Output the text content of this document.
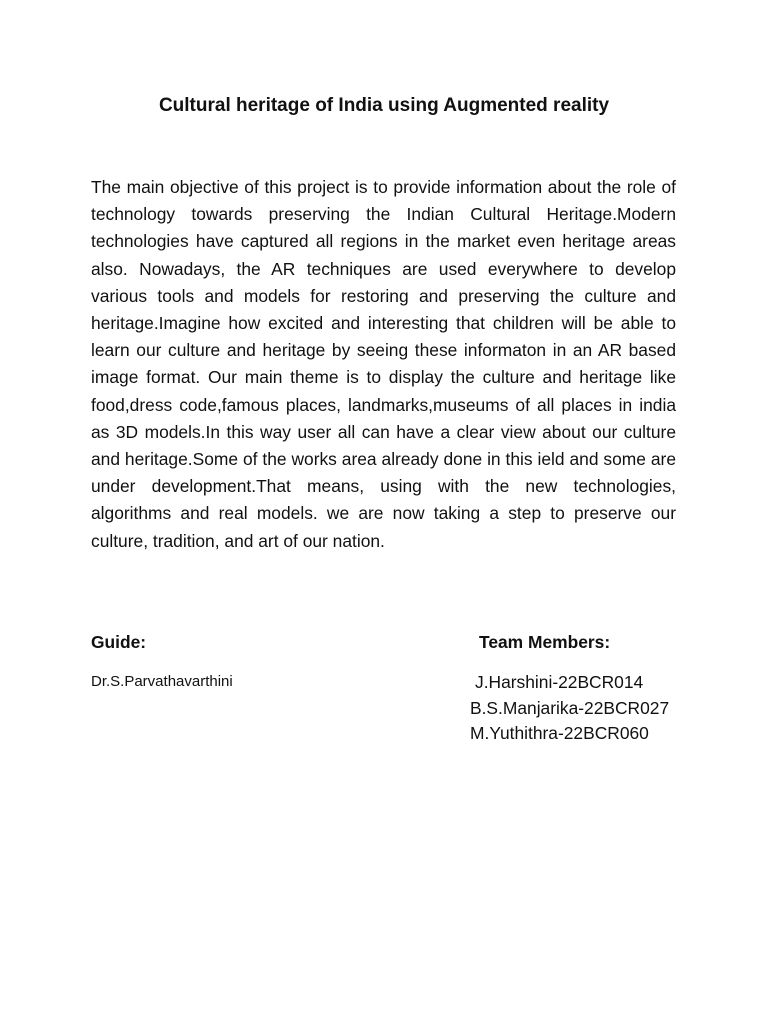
Cultural heritage of India using Augmented reality

The main objective of this project is to provide information about the role of technology towards preserving the Indian Cultural Heritage.Modern technologies have captured all regions in the market even heritage areas also. Nowadays, the AR techniques are used everywhere to develop various tools and models for restoring and preserving the culture and heritage.Imagine how excited and interesting that children will be able to learn our culture and heritage by seeing these informaton in an AR based image format. Our main theme is to display the culture and heritage like food,dress code,famous places, landmarks,museums of all places in india as 3D models.In this way user all can have a clear view about our culture and heritage.Some of the works area already done in this ield and some are under development.That means, using with the new technologies, algorithms and real models. we are now taking a step to preserve our culture, tradition, and art of our nation.

Guide:	Team Members:

Dr.S.Parvathavarthini	J.Harshini-22BCR014
B.S.Manjarika-22BCR027
M.Yuthithra-22BCR060
